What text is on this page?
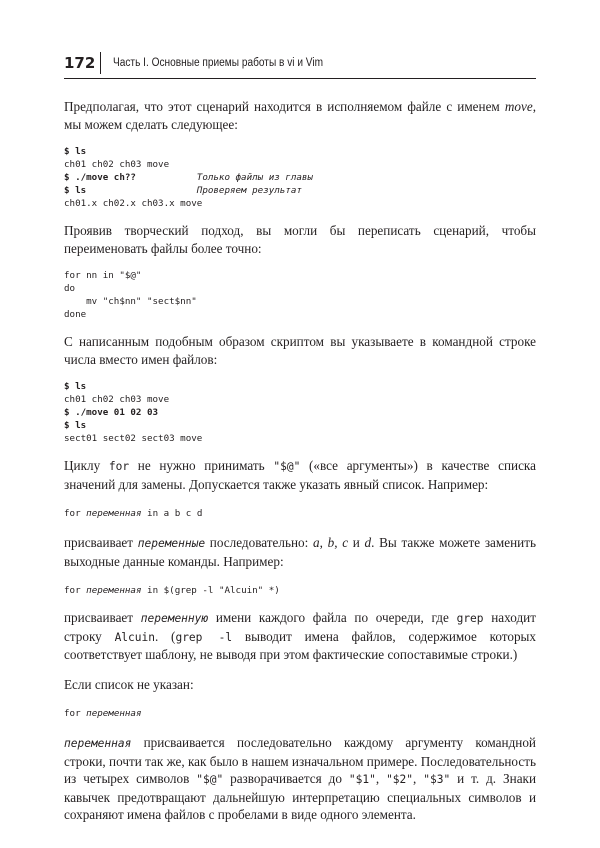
172	Часть I. Основные приемы работы в vi и Vim

Предполагая, что этот сценарий находится в исполняемом файле с именем move, мы можем сделать следующее:

$ ls
ch01 ch02 ch03 move
$ ./move ch??	Только файлы из главы
$ ls	Проверяем результат
ch01.x ch02.x ch03.x move

Проявив творческий подход, вы могли бы переписать сценарий, чтобы переименовать файлы более точно:

for nn in "$@"
do
mv "ch$nn" "sect$nn"
done

С написанным подобным образом скриптом вы указываете в командной строке числа вместо имен файлов:

$ ls
ch01 ch02 ch03 move
$ ./move 01 02 03
$ ls
sect01 sect02 sect03 move

Циклу for не нужно принимать "$@" («все аргументы») в качестве списка значений для замены. Допускается также указать явный список. Например:

for переменная in a b c d

присваивает переменные последовательно: a, b, c и d. Вы также можете заменить выходные данные команды. Например:

for переменная in $(grep -l "Alcuin" *)

присваивает переменную имени каждого файла по очереди, где grep находит строку Alcuin. (grep -l выводит имена файлов, содержимое которых соответствует шаблону, не выводя при этом фактические сопоставимые строки.)

Если список не указан:

for переменная

переменная присваивается последовательно каждому аргументу командной строки, почти так же, как было в нашем изначальном примере. Последовательность из четырех символов "$@" разворачивается до "$1", "$2", "$3" и т. д. Знаки кавычек предотвращают дальнейшую интерпретацию специальных символов и сохраняют имена файлов с пробелами в виде одного элемента.
